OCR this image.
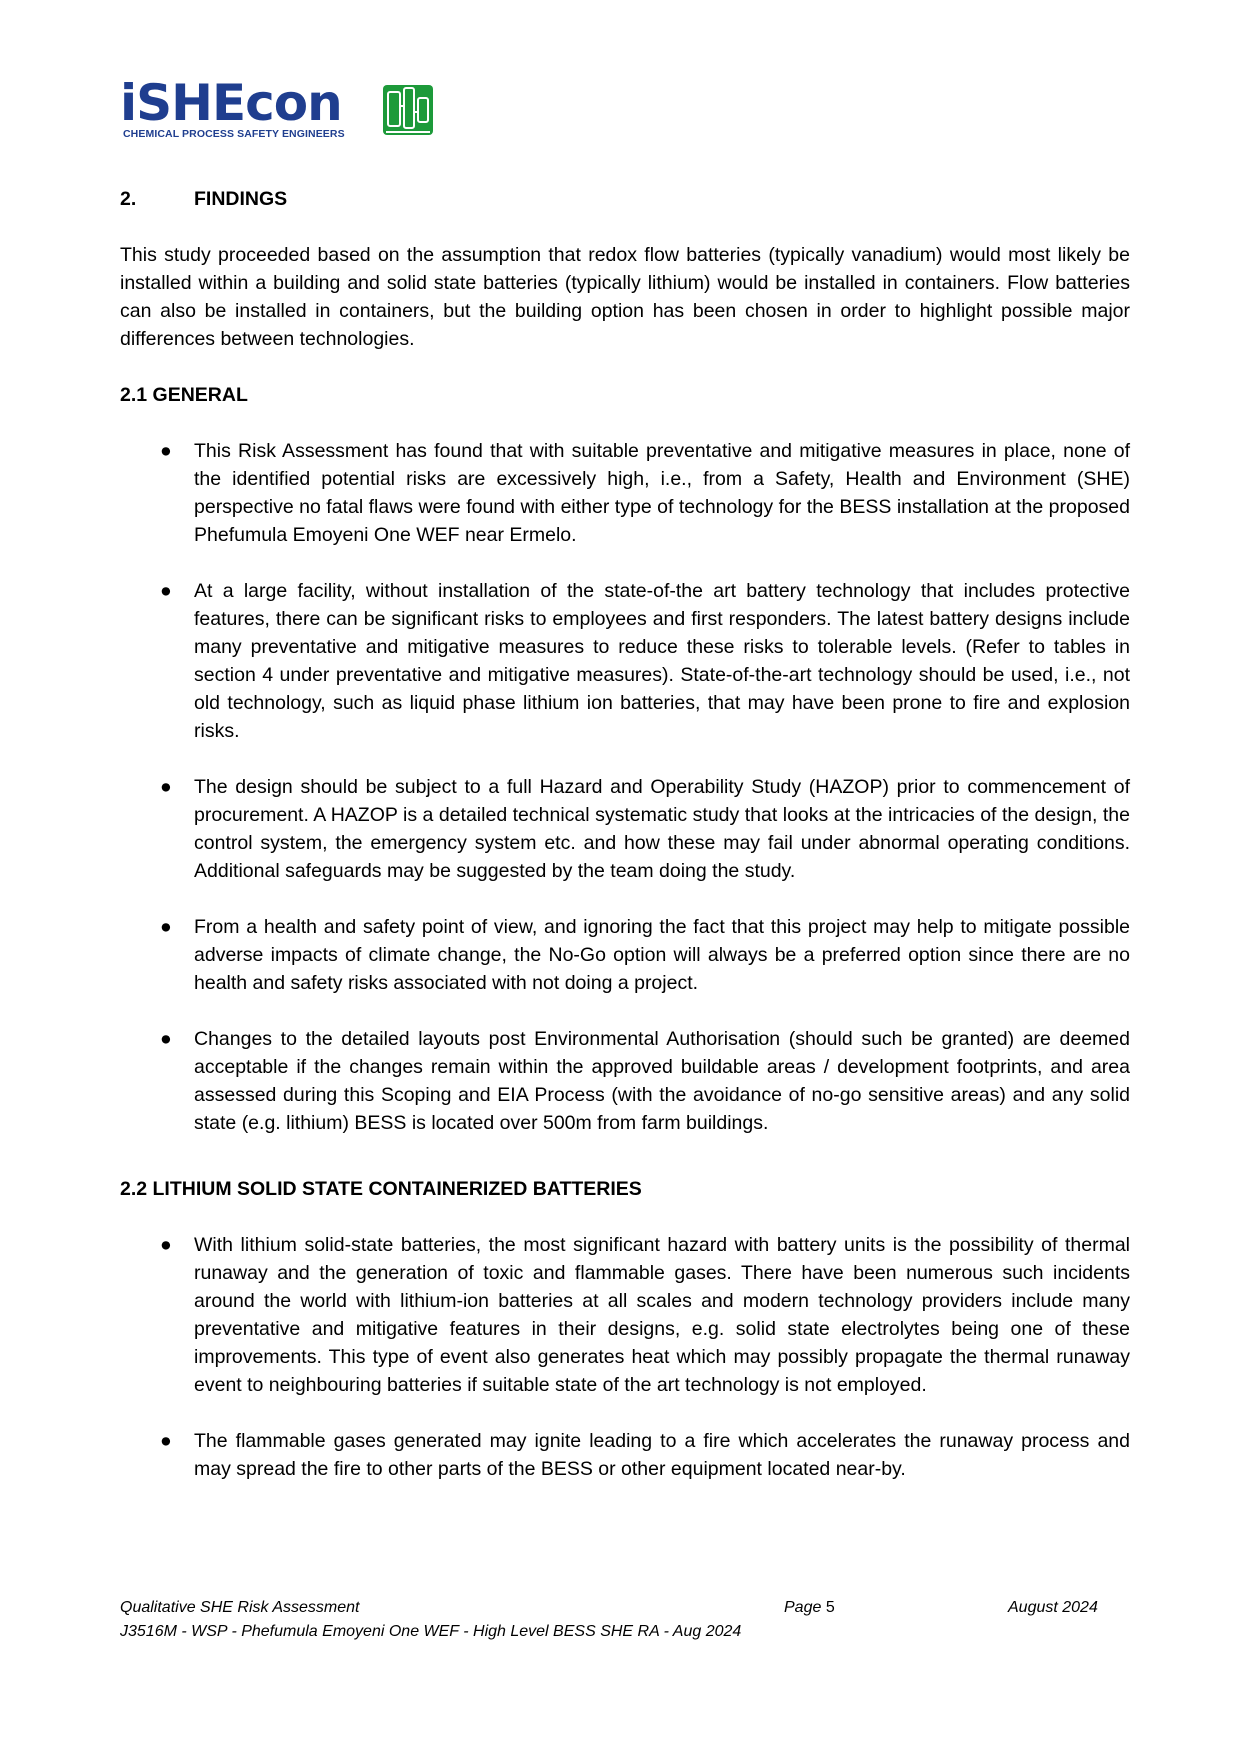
iSHEcon
CHEMICAL PROCESS SAFETY ENGINEERS
2.	FINDINGS

This study proceeded based on the assumption that redox flow batteries (typically vanadium) would most likely be installed within a building and solid state batteries (typically lithium) would be installed in containers. Flow batteries can also be installed in containers, but the building option has been chosen in order to highlight possible major differences between technologies.

2.1 GENERAL
● This Risk Assessment has found that with suitable preventative and mitigative measures in place, none of the identified potential risks are excessively high, i.e., from a Safety, Health and Environment (SHE) perspective no fatal flaws were found with either type of technology for the BESS installation at the proposed Phefumula Emoyeni One WEF near Ermelo.
● At a large facility, without installation of the state-of-the art battery technology that includes protective features, there can be significant risks to employees and first responders. The latest battery designs include many preventative and mitigative measures to reduce these risks to tolerable levels. (Refer to tables in section 4 under preventative and mitigative measures). State-of-the-art technology should be used, i.e., not old technology, such as liquid phase lithium ion batteries, that may have been prone to fire and explosion risks.
● The design should be subject to a full Hazard and Operability Study (HAZOP) prior to commencement of procurement. A HAZOP is a detailed technical systematic study that looks at the intricacies of the design, the control system, the emergency system etc. and how these may fail under abnormal operating conditions. Additional safeguards may be suggested by the team doing the study.
● From a health and safety point of view, and ignoring the fact that this project may help to mitigate possible adverse impacts of climate change, the No-Go option will always be a preferred option since there are no health and safety risks associated with not doing a project.
● Changes to the detailed layouts post Environmental Authorisation (should such be granted) are deemed acceptable if the changes remain within the approved buildable areas / development footprints, and area assessed during this Scoping and EIA Process (with the avoidance of no-go sensitive areas) and any solid state (e.g. lithium) BESS is located over 500m from farm buildings.
2.2 LITHIUM SOLID STATE CONTAINERIZED BATTERIES
● With lithium solid-state batteries, the most significant hazard with battery units is the possibility of thermal runaway and the generation of toxic and flammable gases. There have been numerous such incidents around the world with lithium-ion batteries at all scales and modern technology providers include many preventative and mitigative features in their designs, e.g. solid state electrolytes being one of these improvements. This type of event also generates heat which may possibly propagate the thermal runaway event to neighbouring batteries if suitable state of the art technology is not employed.
● The flammable gases generated may ignite leading to a fire which accelerates the runaway process and may spread the fire to other parts of the BESS or other equipment located near-by.
Qualitative SHE Risk Assessment	Page 5	August 2024
J3516M - WSP - Phefumula Emoyeni One WEF - High Level BESS SHE RA - Aug 2024
